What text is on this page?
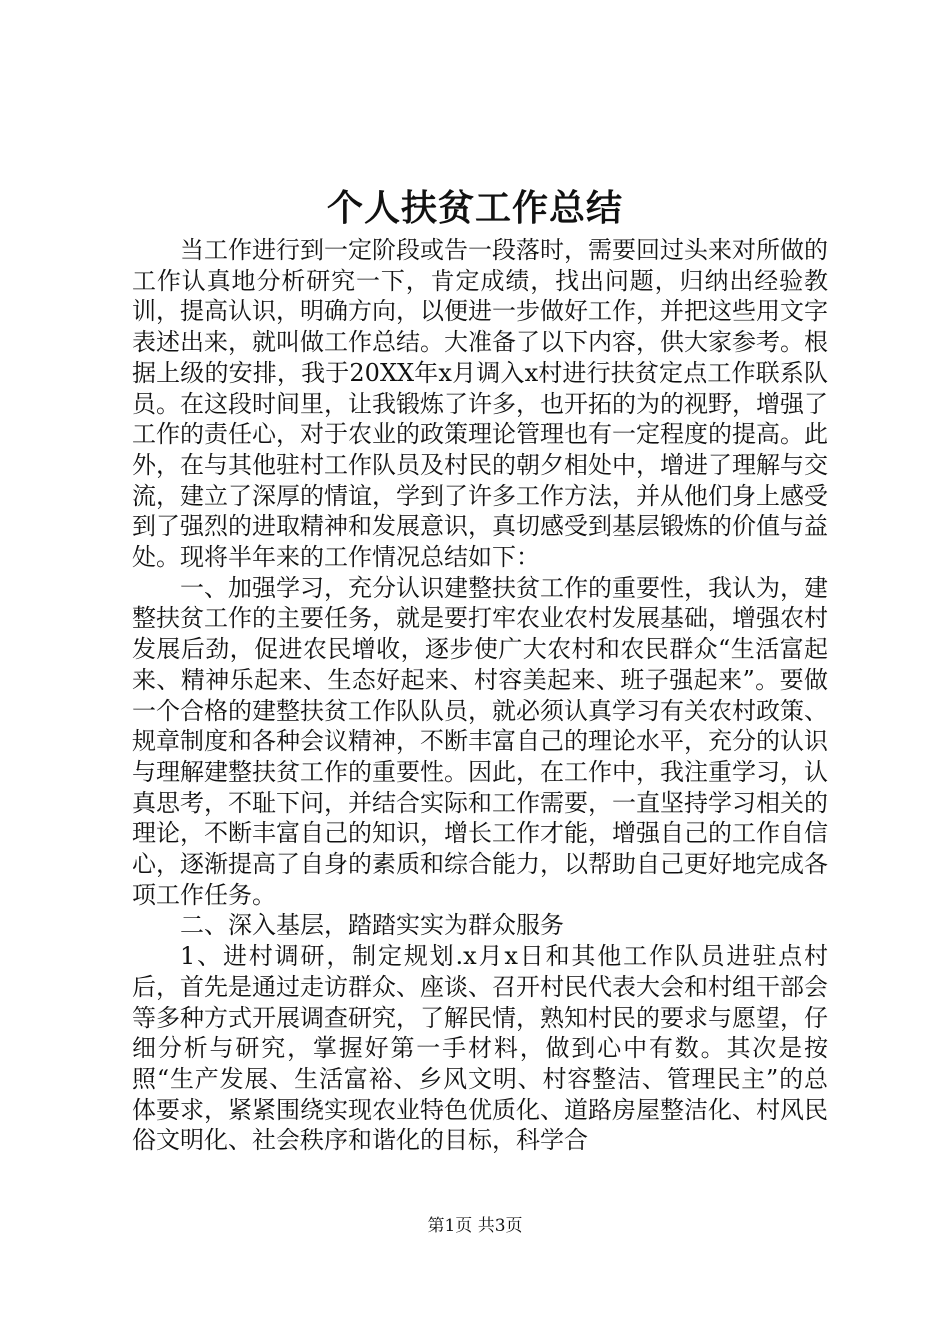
个人扶贫工作总结

当工作进行到一定阶段或告一段落时，需要回过头来对所做的工作认真地分析研究一下，肯定成绩，找出问题，归纳出经验教训，提高认识，明确方向，以便进一步做好工作，并把这些用文字表述出来，就叫做工作总结。大准备了以下内容，供大家参考。根据上级的安排，我于20XX年x月调入x村进行扶贫定点工作联系队员。在这段时间里，让我锻炼了许多，也开拓的为的视野，增强了工作的责任心，对于农业的政策理论管理也有一定程度的提高。此外，在与其他驻村工作队员及村民的朝夕相处中，增进了理解与交流，建立了深厚的情谊，学到了许多工作方法，并从他们身上感受到了强烈的进取精神和发展意识，真切感受到基层锻炼的价值与益处。现将半年来的工作情况总结如下：

一、加强学习，充分认识建整扶贫工作的重要性，我认为，建整扶贫工作的主要任务，就是要打牢农业农村发展基础，增强农村发展后劲，促进农民增收，逐步使广大农村和农民群众“生活富起来、精神乐起来、生态好起来、村容美起来、班子强起来”。要做一个合格的建整扶贫工作队队员，就必须认真学习有关农村政策、规章制度和各种会议精神，不断丰富自己的理论水平，充分的认识与理解建整扶贫工作的重要性。因此，在工作中，我注重学习，认真思考，不耻下问，并结合实际和工作需要，一直坚持学习相关的理论，不断丰富自己的知识，增长工作才能，增强自己的工作自信心，逐渐提高了自身的素质和综合能力，以帮助自己更好地完成各项工作任务。

二、深入基层，踏踏实实为群众服务

1、进村调研，制定规划.x月x日和其他工作队员进驻点村后，首先是通过走访群众、座谈、召开村民代表大会和村组干部会等多种方式开展调查研究，了解民情，熟知村民的要求与愿望，仔细分析与研究，掌握好第一手材料，做到心中有数。其次是按照“生产发展、生活富裕、乡风文明、村容整洁、管理民主”的总体要求，紧紧围绕实现农业特色优质化、道路房屋整洁化、村风民俗文明化、社会秩序和谐化的目标，科学合

第1页 共3页
